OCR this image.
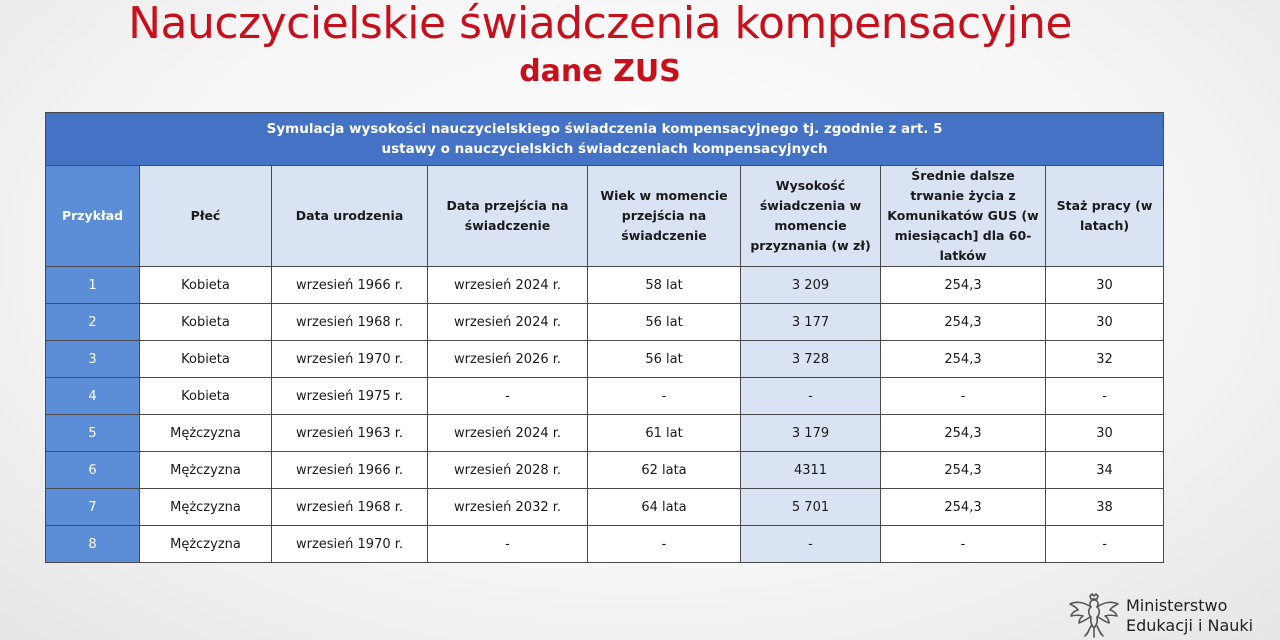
Nauczycielskie świadczenia kompensacyjne
dane ZUS
Symulacja wysokości nauczycielskiego świadczenia kompensacyjnego tj. zgodnie z art. 5
ustawy o nauczycielskich świadczeniach kompensacyjnych							
Przykład	Płeć	Data urodzenia	Data przejścia na świadczenie	Wiek w momencie przejścia na świadczenie	Wysokość świadczenia w momencie przyznania (w zł)	Średnie dalsze trwanie życia z Komunikatów GUS (w miesiącach] dla 60-latków	Staż pracy (w latach)
1	Kobieta	wrzesień 1966 r.	wrzesień 2024 r.	58 lat	3 209	254,3	30
2	Kobieta	wrzesień 1968 r.	wrzesień 2024 r.	56 lat	3 177	254,3	30
3	Kobieta	wrzesień 1970 r.	wrzesień 2026 r.	56 lat	3 728	254,3	32
4	Kobieta	wrzesień 1975 r.	-	-	-	-	-
5	Mężczyzna	wrzesień 1963 r.	wrzesień 2024 r.	61 lat	3 179	254,3	30
6	Mężczyzna	wrzesień 1966 r.	wrzesień 2028 r.	62 lata	4311	254,3	34
7	Mężczyzna	wrzesień 1968 r.	wrzesień 2032 r.	64 lata	5 701	254,3	38
8	Mężczyzna	wrzesień 1970 r.	-	-	-	-	-
Ministerstwo
Edukacji i Nauki
